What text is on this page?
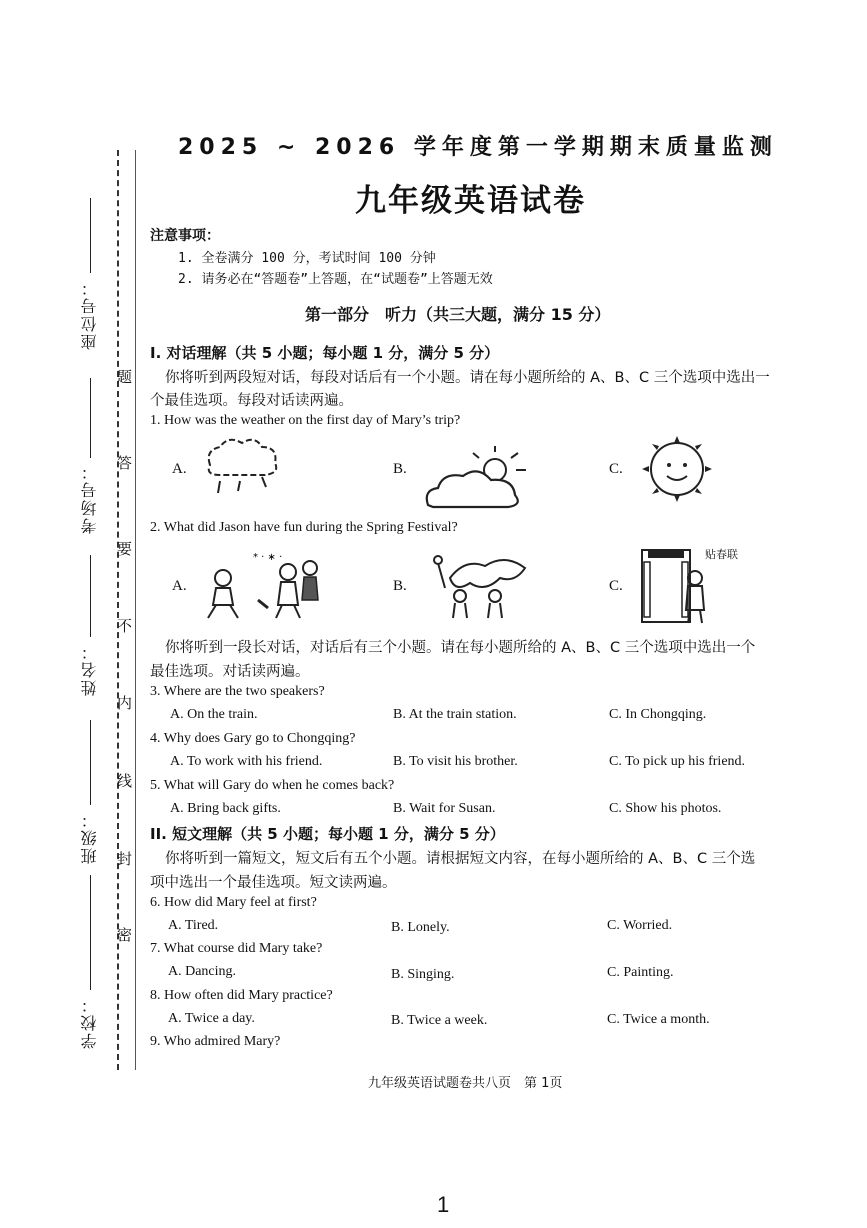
座位号：
考场号：
姓名：
班级：
学校：
题
答
要
不
内
线
封
密
2025 ~ 2026 学年度第一学期期末质量监测
九年级英语试卷
注意事项：
1. 全卷满分 100 分，考试时间 100 分钟
2. 请务必在“答题卷”上答题，在“试题卷”上答题无效
第一部分　听力（共三大题，满分 15 分）
I. 对话理解（共 5 小题；每小题 1 分，满分 5 分）
你将听到两段短对话，每段对话后有一个小题。请在每小题所给的 A、B、C 三个选项中选出一
个最佳选项。每段对话读两遍。
1. How was the weather on the first day of Mary’s trip?
A.	B.	C.
2. What did Jason have fun during the Spring Festival?
A.
* · ∗ ·
B.	C.
贴春联
你将听到一段长对话，对话后有三个小题。请在每小题所给的 A、B、C 三个选项中选出一个
最佳选项。对话读两遍。
3. Where are the two speakers?
A. On the train.	B. At the train station.	C. In Chongqing.
4. Why does Gary go to Chongqing?
A. To work with his friend.	B. To visit his brother.	C. To pick up his friend.
5. What will Gary do when he comes back?
A. Bring back gifts.	B. Wait for Susan.	C. Show his photos.
II. 短文理解（共 5 小题；每小题 1 分，满分 5 分）
你将听到一篇短文，短文后有五个小题。请根据短文内容，在每小题所给的 A、B、C 三个选
项中选出一个最佳选项。短文读两遍。
6. How did Mary feel at first?
A. Tired.	B. Lonely.	C. Worried.
7. What course did Mary take?
A. Dancing.	B. Singing.	C. Painting.
8. How often did Mary practice?
A. Twice a day.	B. Twice a week.	C. Twice a month.
9. Who admired Mary?
九年级英语试题卷共八页　第 1页
1
